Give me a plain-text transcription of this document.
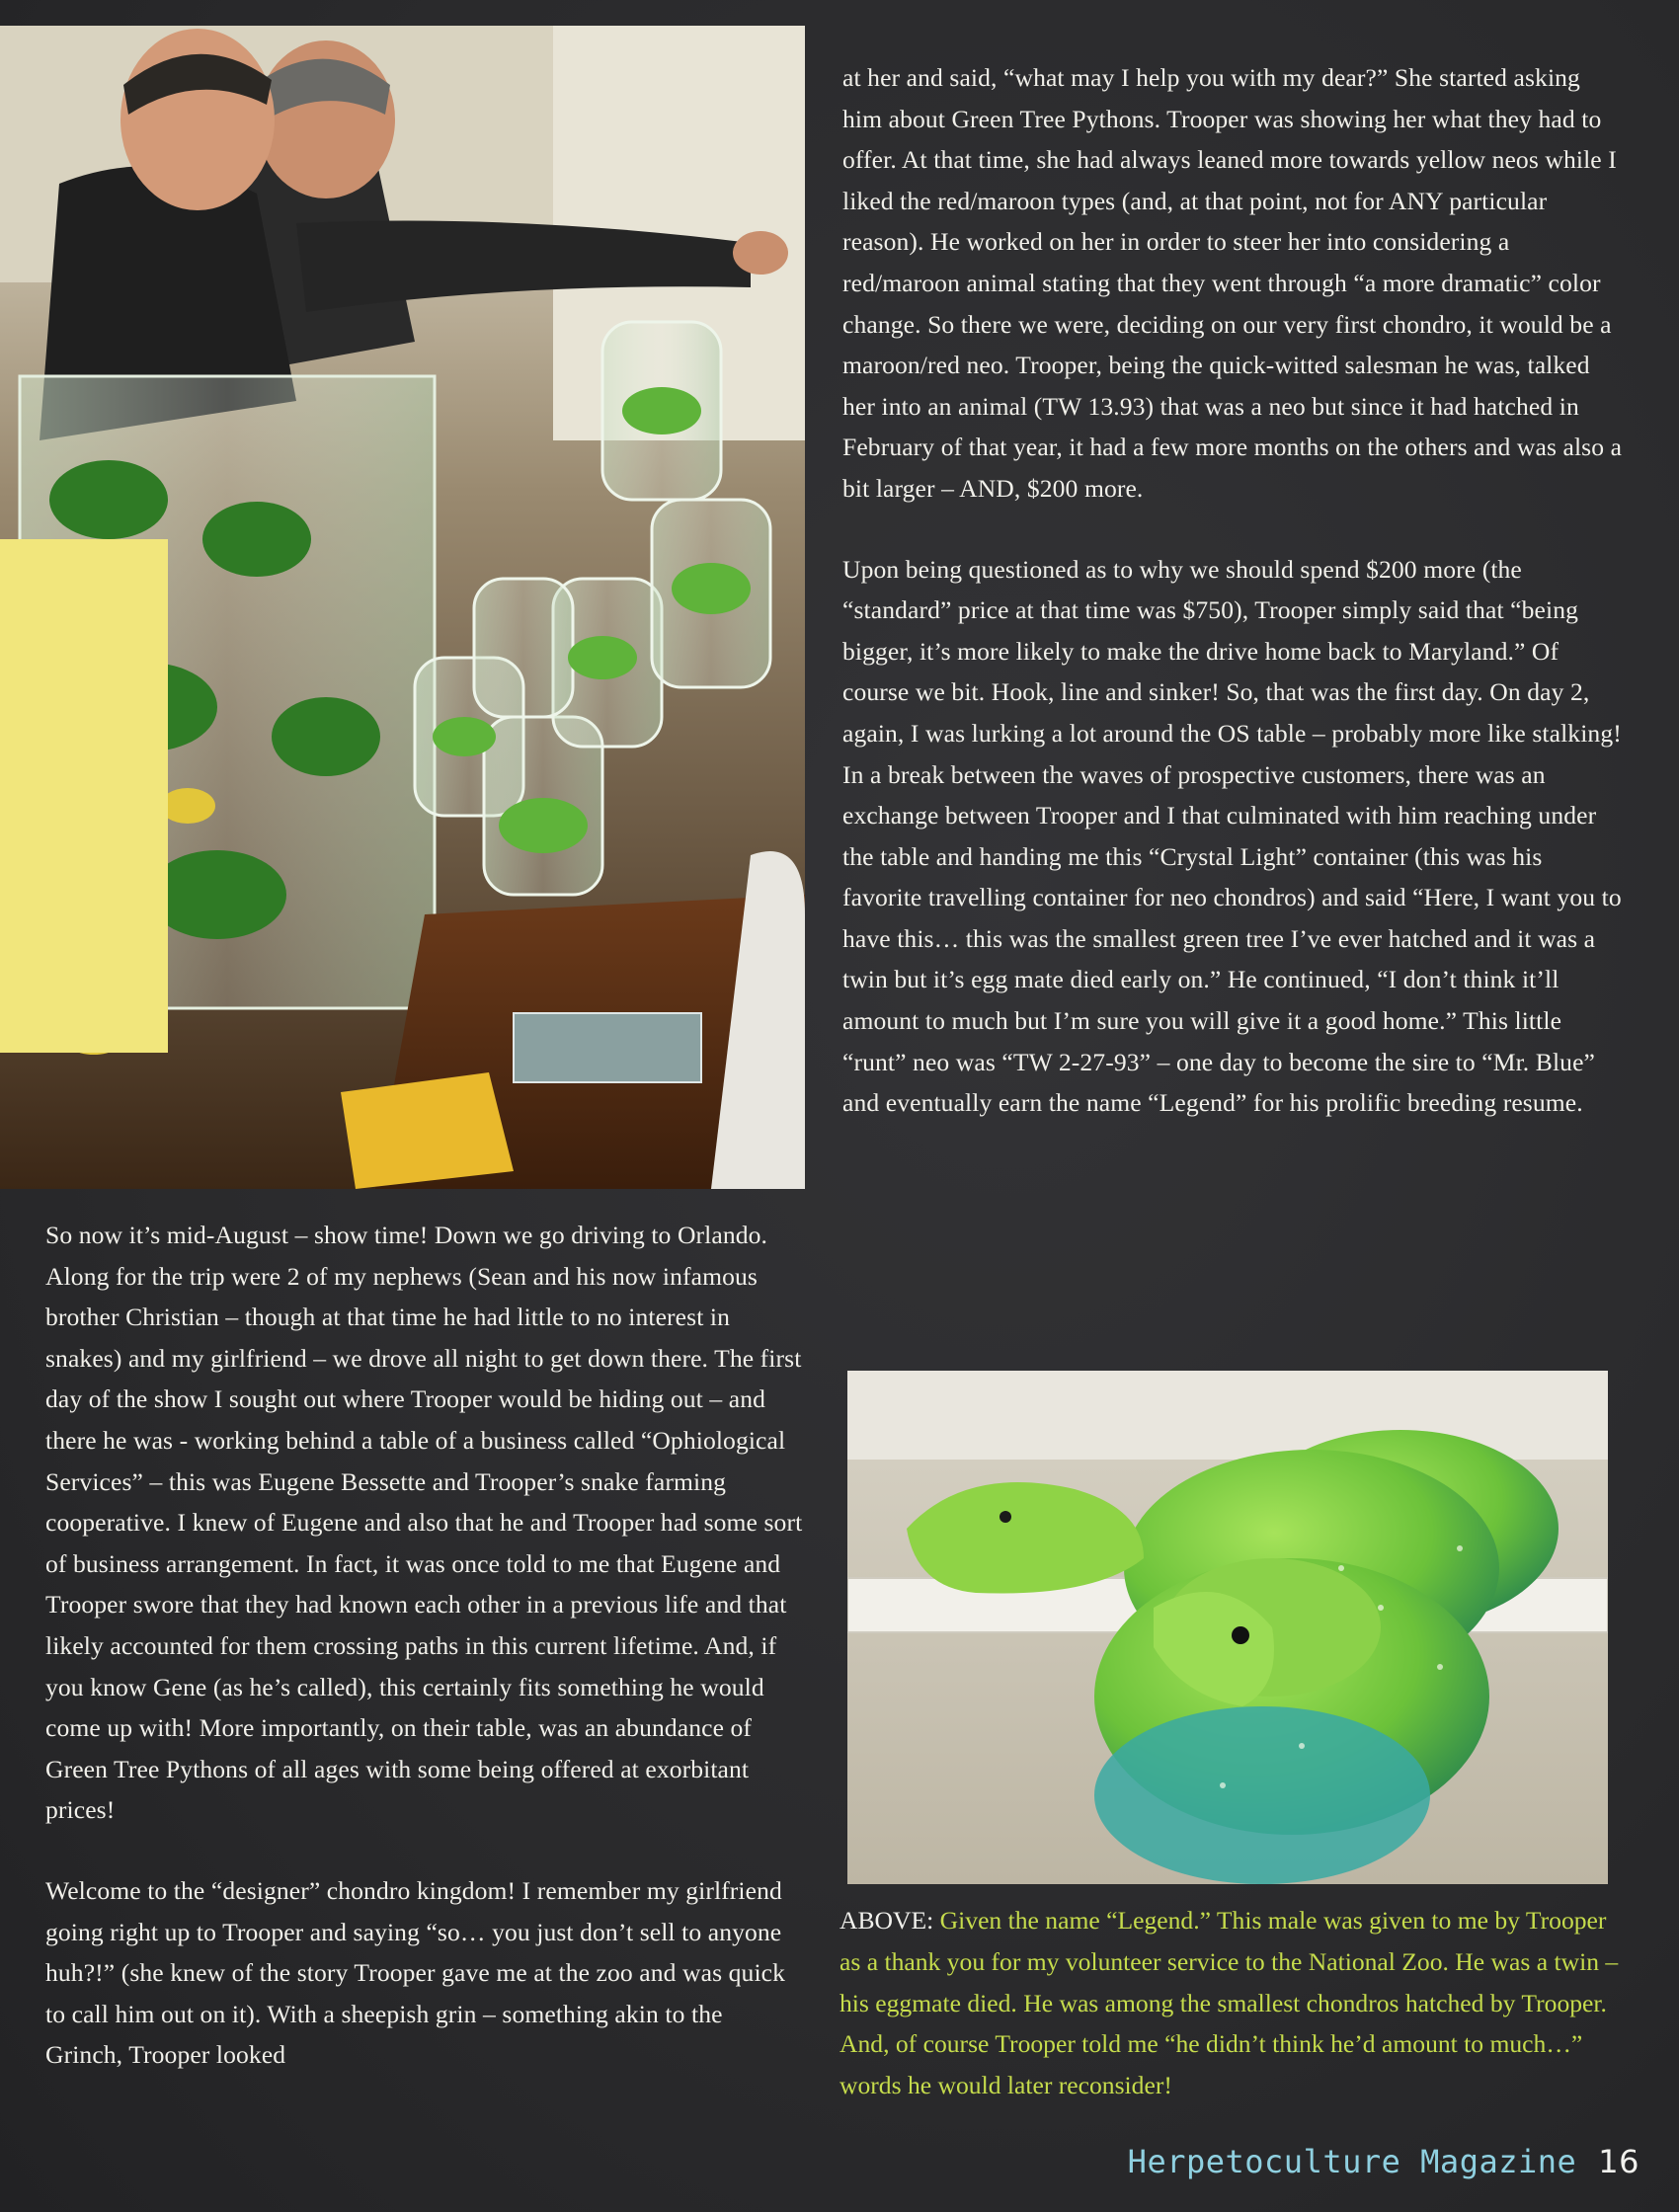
at her and said, “what may I help you with my dear?” She started asking him about Green Tree Pythons. Trooper was showing her what they had to offer. At that time, she had always leaned more towards yellow neos while I liked the red/maroon types (and, at that point, not for ANY particular reason). He worked on her in order to steer her into considering a red/maroon animal stating that they went through “a more dramatic” color change. So there we were, deciding on our very first chondro, it would be a maroon/red neo. Trooper, being the quick-witted salesman he was, talked her into an animal (TW 13.93) that was a neo but since it had hatched in February of that year, it had a few more months on the others and was also a bit larger – AND, $200 more.

Upon being questioned as to why we should spend $200 more (the “standard” price at that time was $750), Trooper simply said that “being bigger, it’s more likely to make the drive home back to Maryland.” Of course we bit. Hook, line and sinker! So, that was the first day. On day 2, again, I was lurking a lot around the OS table – probably more like stalking! In a break between the waves of prospective customers, there was an exchange between Trooper and I that culminated with him reaching under the table and handing me this “Crystal Light” container (this was his favorite travelling container for neo chondros) and said “Here, I want you to have this… this was the smallest green tree I’ve ever hatched and it was a twin but it’s egg mate died early on.” He continued, “I don’t think it’ll amount to much but I’m sure you will give it a good home.” This little “runt” neo was “TW 2-27-93” – one day to become the sire to “Mr. Blue” and eventually earn the name “Legend” for his prolific breeding resume.

So now it’s mid-August – show time! Down we go driving to Orlando. Along for the trip were 2 of my nephews (Sean and his now infamous brother Christian – though at that time he had little to no interest in snakes) and my girlfriend – we drove all night to get down there. The first day of the show I sought out where Trooper would be hiding out – and there he was - working behind a table of a business called “Ophiological Services” – this was Eugene Bessette and Trooper’s snake farming cooperative. I knew of Eugene and also that he and Trooper had some sort of business arrangement. In fact, it was once told to me that Eugene and Trooper swore that they had known each other in a previous life and that likely accounted for them crossing paths in this current lifetime. And, if you know Gene (as he’s called), this certainly fits something he would come up with! More importantly, on their table, was an abundance of Green Tree Pythons of all ages with some being offered at exorbitant prices!

Welcome to the “designer” chondro kingdom! I remember my girlfriend going right up to Trooper and saying “so… you just don’t sell to anyone huh?!” (she knew of the story Trooper gave me at the zoo and was quick to call him out on it). With a sheepish grin – something akin to the Grinch, Trooper looked

ABOVE: Given the name “Legend.” This male was given to me by Trooper as a thank you for my volunteer service to the National Zoo. He was a twin – his eggmate died. He was among the smallest chondros hatched by Trooper. And, of course Trooper told me “he didn’t think he’d amount to much…” words he would later reconsider!
Herpetoculture Magazine 16
